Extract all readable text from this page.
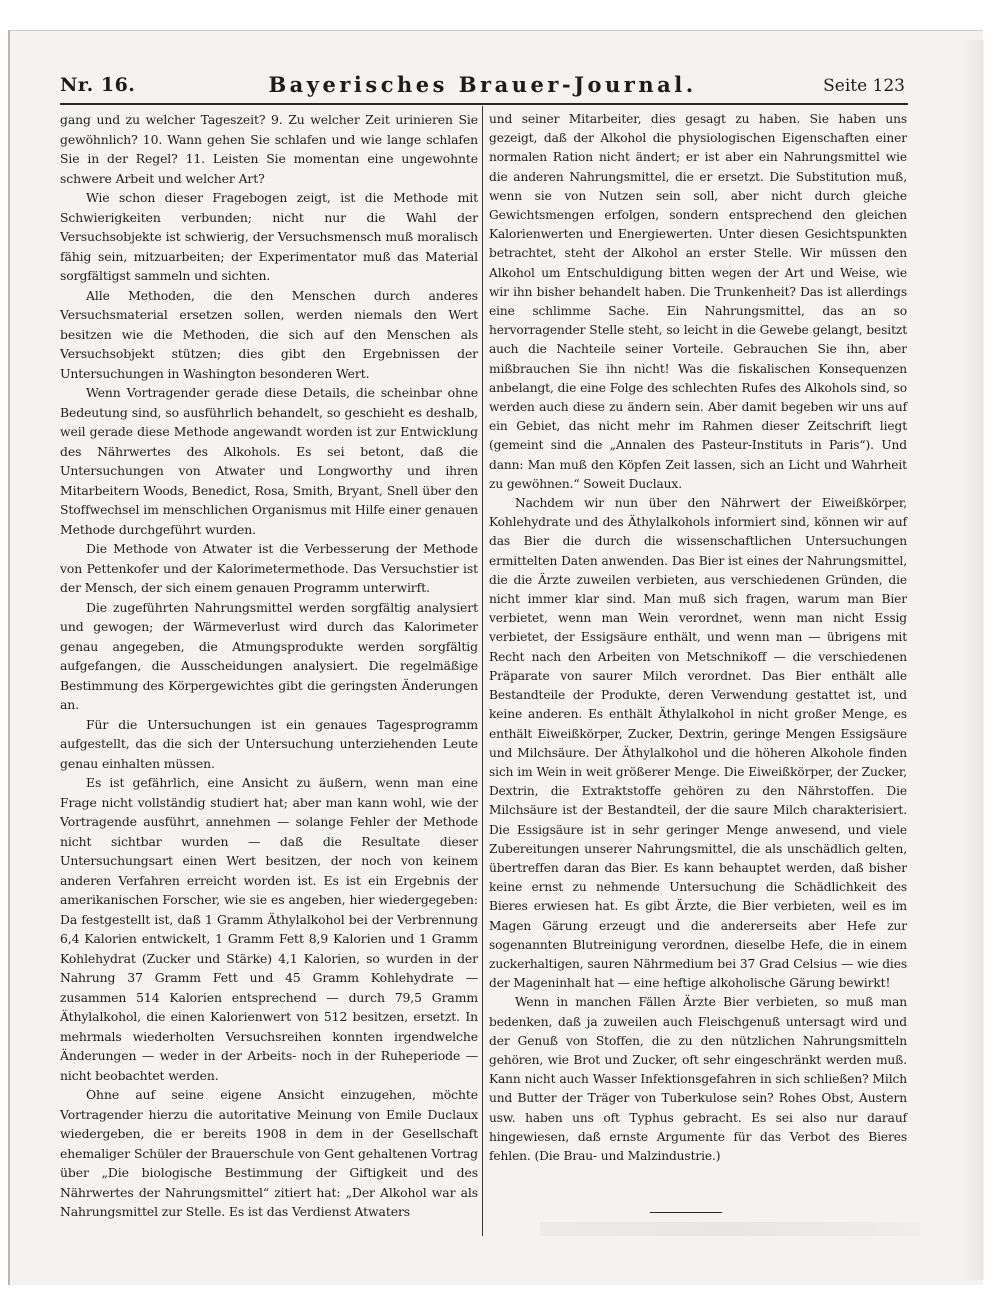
Nr. 16.	Bayerisches Brauer-Journal.	Seite 123

gang und zu welcher Tageszeit? 9. Zu welcher Zeit urinieren Sie gewöhnlich? 10. Wann gehen Sie schlafen und wie lange schlafen Sie in der Regel? 11. Leisten Sie momentan eine ungewohnte schwere Arbeit und welcher Art?

Wie schon dieser Fragebogen zeigt, ist die Methode mit Schwierigkeiten verbunden; nicht nur die Wahl der Versuchsobjekte ist schwierig, der Versuchsmensch muß moralisch fähig sein, mitzuarbeiten; der Experimentator muß das Material sorgfältigst sammeln und sichten.

Alle Methoden, die den Menschen durch anderes Versuchsmaterial ersetzen sollen, werden niemals den Wert besitzen wie die Methoden, die sich auf den Menschen als Versuchsobjekt stützen; dies gibt den Ergebnissen der Untersuchungen in Washington besonderen Wert.

Wenn Vortragender gerade diese Details, die scheinbar ohne Bedeutung sind, so ausführlich behandelt, so geschieht es deshalb, weil gerade diese Methode angewandt worden ist zur Entwicklung des Nährwertes des Alkohols. Es sei betont, daß die Untersuchungen von Atwater und Longworthy und ihren Mitarbeitern Woods, Benedict, Rosa, Smith, Bryant, Snell über den Stoffwechsel im menschlichen Organismus mit Hilfe einer genauen Methode durchgeführt wurden.

Die Methode von Atwater ist die Verbesserung der Methode von Pettenkofer und der Kalorimetermethode. Das Versuchstier ist der Mensch, der sich einem genauen Programm unterwirft.

Die zugeführten Nahrungsmittel werden sorgfältig analysiert und gewogen; der Wärmeverlust wird durch das Kalorimeter genau angegeben, die Atmungsprodukte werden sorgfältig aufgefangen, die Ausscheidungen analysiert. Die regelmäßige Bestimmung des Körpergewichtes gibt die geringsten Änderungen an.

Für die Untersuchungen ist ein genaues Tagesprogramm aufgestellt, das die sich der Untersuchung unterziehenden Leute genau einhalten müssen.

Es ist gefährlich, eine Ansicht zu äußern, wenn man eine Frage nicht vollständig studiert hat; aber man kann wohl, wie der Vortragende ausführt, annehmen — solange Fehler der Methode nicht sichtbar wurden — daß die Resultate dieser Untersuchungsart einen Wert besitzen, der noch von keinem anderen Verfahren erreicht worden ist. Es ist ein Ergebnis der amerikanischen Forscher, wie sie es angeben, hier wiedergegeben: Da festgestellt ist, daß 1 Gramm Äthylalkohol bei der Verbrennung 6,4 Kalorien entwickelt, 1 Gramm Fett 8,9 Kalorien und 1 Gramm Kohlehydrat (Zucker und Stärke) 4,1 Kalorien, so wurden in der Nahrung 37 Gramm Fett und 45 Gramm Kohlehydrate — zusammen 514 Kalorien entsprechend — durch 79,5 Gramm Äthylalkohol, die einen Kalorienwert von 512 besitzen, ersetzt. In mehrmals wiederholten Versuchsreihen konnten irgendwelche Änderungen — weder in der Arbeits- noch in der Ruheperiode — nicht beobachtet werden.

Ohne auf seine eigene Ansicht einzugehen, möchte Vortragender hierzu die autoritative Meinung von Emile Duclaux wiedergeben, die er bereits 1908 in dem in der Gesellschaft ehemaliger Schüler der Brauerschule von Gent gehaltenen Vortrag über „Die biologische Bestimmung der Giftigkeit und des Nährwertes der Nahrungsmittel“ zitiert hat: „Der Alkohol war als Nahrungsmittel zur Stelle. Es ist das Verdienst Atwaters

und seiner Mitarbeiter, dies gesagt zu haben. Sie haben uns gezeigt, daß der Alkohol die physiologischen Eigenschaften einer normalen Ration nicht ändert; er ist aber ein Nahrungsmittel wie die anderen Nahrungsmittel, die er ersetzt. Die Substitution muß, wenn sie von Nutzen sein soll, aber nicht durch gleiche Gewichtsmengen erfolgen, sondern entsprechend den gleichen Kalorienwerten und Energiewerten. Unter diesen Gesichtspunkten betrachtet, steht der Alkohol an erster Stelle. Wir müssen den Alkohol um Entschuldigung bitten wegen der Art und Weise, wie wir ihn bisher behandelt haben. Die Trunkenheit? Das ist allerdings eine schlimme Sache. Ein Nahrungsmittel, das an so hervorragender Stelle steht, so leicht in die Gewebe gelangt, besitzt auch die Nachteile seiner Vorteile. Gebrauchen Sie ihn, aber mißbrauchen Sie ihn nicht! Was die fiskalischen Konsequenzen anbelangt, die eine Folge des schlechten Rufes des Alkohols sind, so werden auch diese zu ändern sein. Aber damit begeben wir uns auf ein Gebiet, das nicht mehr im Rahmen dieser Zeitschrift liegt (gemeint sind die „Annalen des Pasteur-Instituts in Paris“). Und dann: Man muß den Köpfen Zeit lassen, sich an Licht und Wahrheit zu gewöhnen.“ Soweit Duclaux.

Nachdem wir nun über den Nährwert der Eiweißkörper, Kohlehydrate und des Äthylalkohols informiert sind, können wir auf das Bier die durch die wissenschaftlichen Untersuchungen ermittelten Daten anwenden. Das Bier ist eines der Nahrungsmittel, die die Ärzte zuweilen verbieten, aus verschiedenen Gründen, die nicht immer klar sind. Man muß sich fragen, warum man Bier verbietet, wenn man Wein verordnet, wenn man nicht Essig verbietet, der Essigsäure enthält, und wenn man — übrigens mit Recht nach den Arbeiten von Metschnikoff — die verschiedenen Präparate von saurer Milch verordnet. Das Bier enthält alle Bestandteile der Produkte, deren Verwendung gestattet ist, und keine anderen. Es enthält Äthylalkohol in nicht großer Menge, es enthält Eiweißkörper, Zucker, Dextrin, geringe Mengen Essigsäure und Milchsäure. Der Äthylalkohol und die höheren Alkohole finden sich im Wein in weit größerer Menge. Die Eiweißkörper, der Zucker, Dextrin, die Extraktstoffe gehören zu den Nährstoffen. Die Milchsäure ist der Bestandteil, der die saure Milch charakterisiert. Die Essigsäure ist in sehr geringer Menge anwesend, und viele Zubereitungen unserer Nahrungsmittel, die als unschädlich gelten, übertreffen daran das Bier. Es kann behauptet werden, daß bisher keine ernst zu nehmende Untersuchung die Schädlichkeit des Bieres erwiesen hat. Es gibt Ärzte, die Bier verbieten, weil es im Magen Gärung erzeugt und die andererseits aber Hefe zur sogenannten Blutreinigung verordnen, dieselbe Hefe, die in einem zuckerhaltigen, sauren Nährmedium bei 37 Grad Celsius — wie dies der Mageninhalt hat — eine heftige alkoholische Gärung bewirkt!

Wenn in manchen Fällen Ärzte Bier verbieten, so muß man bedenken, daß ja zuweilen auch Fleischgenuß untersagt wird und der Genuß von Stoffen, die zu den nützlichen Nahrungsmitteln gehören, wie Brot und Zucker, oft sehr eingeschränkt werden muß. Kann nicht auch Wasser Infektionsgefahren in sich schließen? Milch und Butter der Träger von Tuberkulose sein? Rohes Obst, Austern usw. haben uns oft Typhus gebracht. Es sei also nur darauf hingewiesen, daß ernste Argumente für das Verbot des Bieres fehlen. (Die Brau- und Malzindustrie.)
